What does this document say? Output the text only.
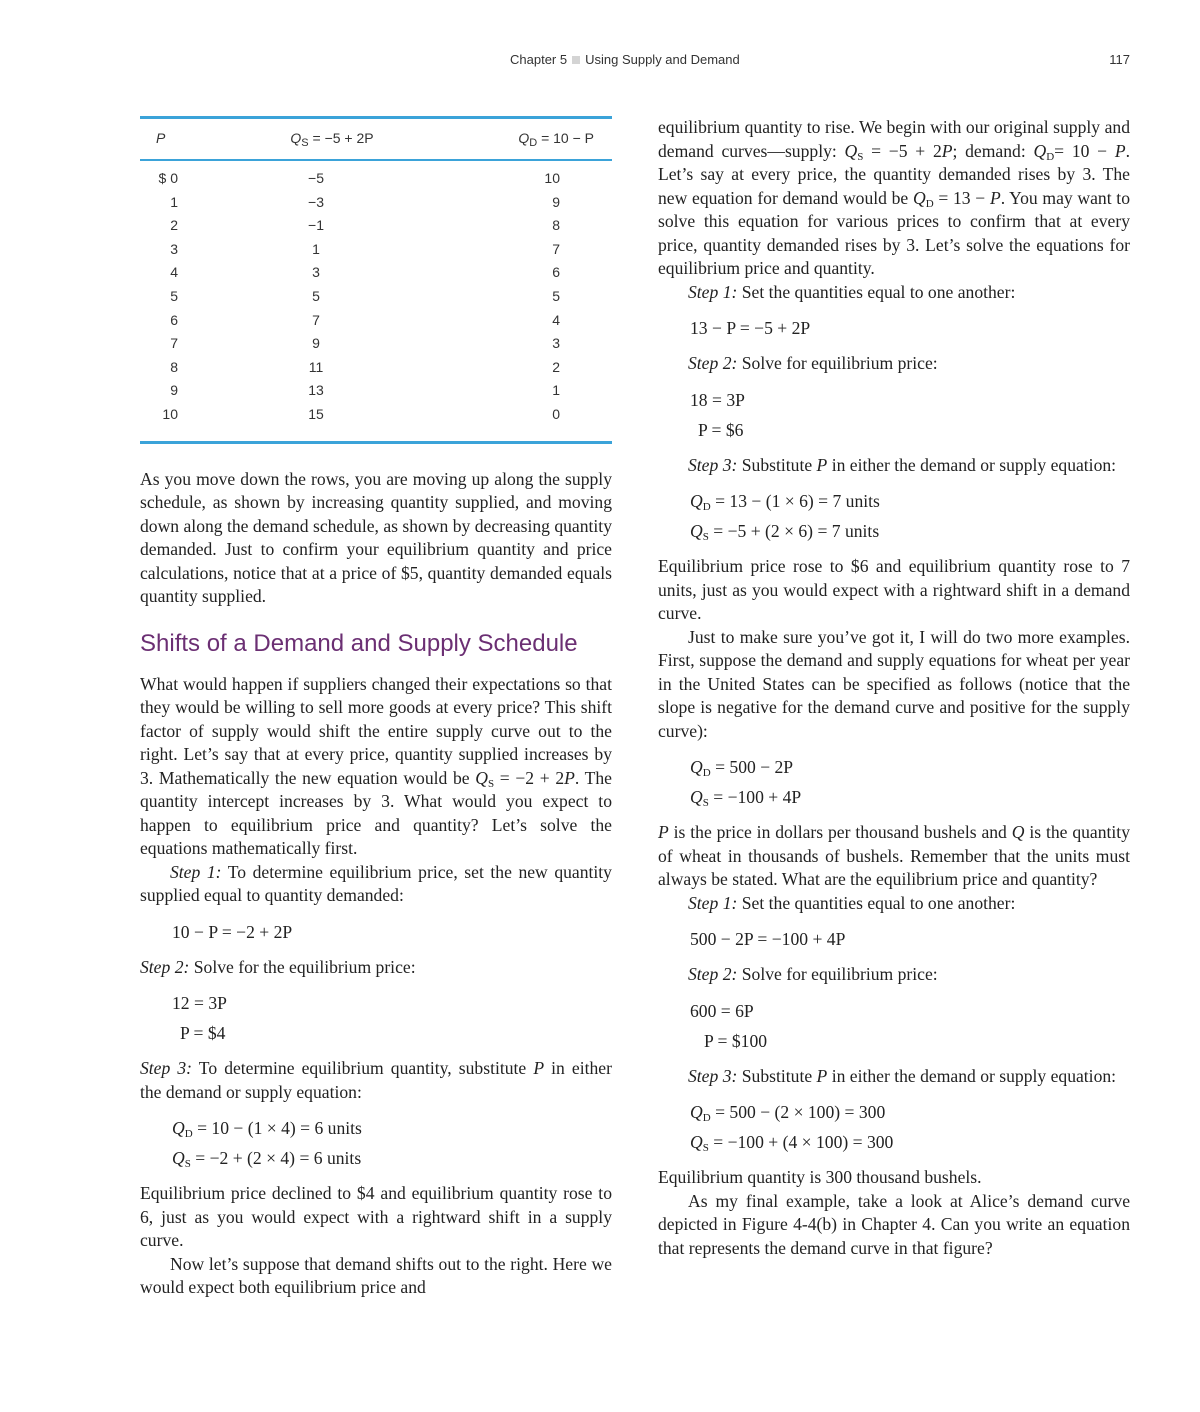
Chapter 5 Using Supply and Demand	117
P	$Q_S = -5 + 2P$	$Q_D = 10 - P$
$ 0	−5	10
1	−3	9
2	−1	8
3	1	7
4	3	6
5	5	5
6	7	4
7	9	3
8	11	2
9	13	1
10	15	0

As you move down the rows, you are moving up along the supply schedule, as shown by increasing quantity supplied, and moving down along the demand schedule, as shown by decreasing quantity demanded. Just to confirm your equilibrium quantity and price calculations, notice that at a price of $5, quantity demanded equals quantity supplied.

Shifts of a Demand and Supply Schedule

What would happen if suppliers changed their expectations so that they would be willing to sell more goods at every price? This shift factor of supply would shift the entire supply curve out to the right. Let’s say that at every price, quantity supplied increases by 3. Mathematically the new equation would be $Q_S = -2 + 2P$. The quantity intercept increases by 3. What would you expect to happen to equilibrium price and quantity? Let’s solve the equations mathematically first.

Step 1: To determine equilibrium price, set the new quantity supplied equal to quantity demanded:

10 − P = −2 + 2P

Step 2: Solve for the equilibrium price:

12 = 3P
P = $4

Step 3: To determine equilibrium quantity, substitute P in either the demand or supply equation:

$Q_D = 10 - (1 \times 4) = 6$ units
$Q_S = -2 + (2 \times 4) = 6$ units

Equilibrium price declined to $4 and equilibrium quantity rose to 6, just as you would expect with a rightward shift in a supply curve.

Now let’s suppose that demand shifts out to the right. Here we would expect both equilibrium price and

equilibrium quantity to rise. We begin with our original supply and demand curves—supply: $Q_S = -5 + 2P$; demand: $Q_D= 10 - P$. Let’s say at every price, the quantity demanded rises by 3. The new equation for demand would be $Q_D = 13 - P$. You may want to solve this equation for various prices to confirm that at every price, quantity demanded rises by 3. Let’s solve the equations for equilibrium price and quantity.

Step 1: Set the quantities equal to one another:

13 − P = −5 + 2P

Step 2: Solve for equilibrium price:

18 = 3P
P = $6

Step 3: Substitute P in either the demand or supply equation:

$Q_D = 13 - (1 \times 6) = 7$ units
$Q_S = -5 + (2 \times 6) = 7$ units

Equilibrium price rose to $6 and equilibrium quantity rose to 7 units, just as you would expect with a rightward shift in a demand curve.

Just to make sure you’ve got it, I will do two more examples. First, suppose the demand and supply equations for wheat per year in the United States can be specified as follows (notice that the slope is negative for the demand curve and positive for the supply curve):

$Q_D = 500 - 2P$
$Q_S = -100 + 4P$

P is the price in dollars per thousand bushels and Q is the quantity of wheat in thousands of bushels. Remember that the units must always be stated. What are the equilibrium price and quantity?

Step 1: Set the quantities equal to one another:

500 − 2P = −100 + 4P

Step 2: Solve for equilibrium price:

600 = 6P
P = $100

Step 3: Substitute P in either the demand or supply equation:

$Q_D = 500 - (2 \times 100) = 300$
$Q_S = -100 + (4 \times 100) = 300$

Equilibrium quantity is 300 thousand bushels.

As my final example, take a look at Alice’s demand curve depicted in Figure 4-4(b) in Chapter 4. Can you write an equation that represents the demand curve in that figure?
